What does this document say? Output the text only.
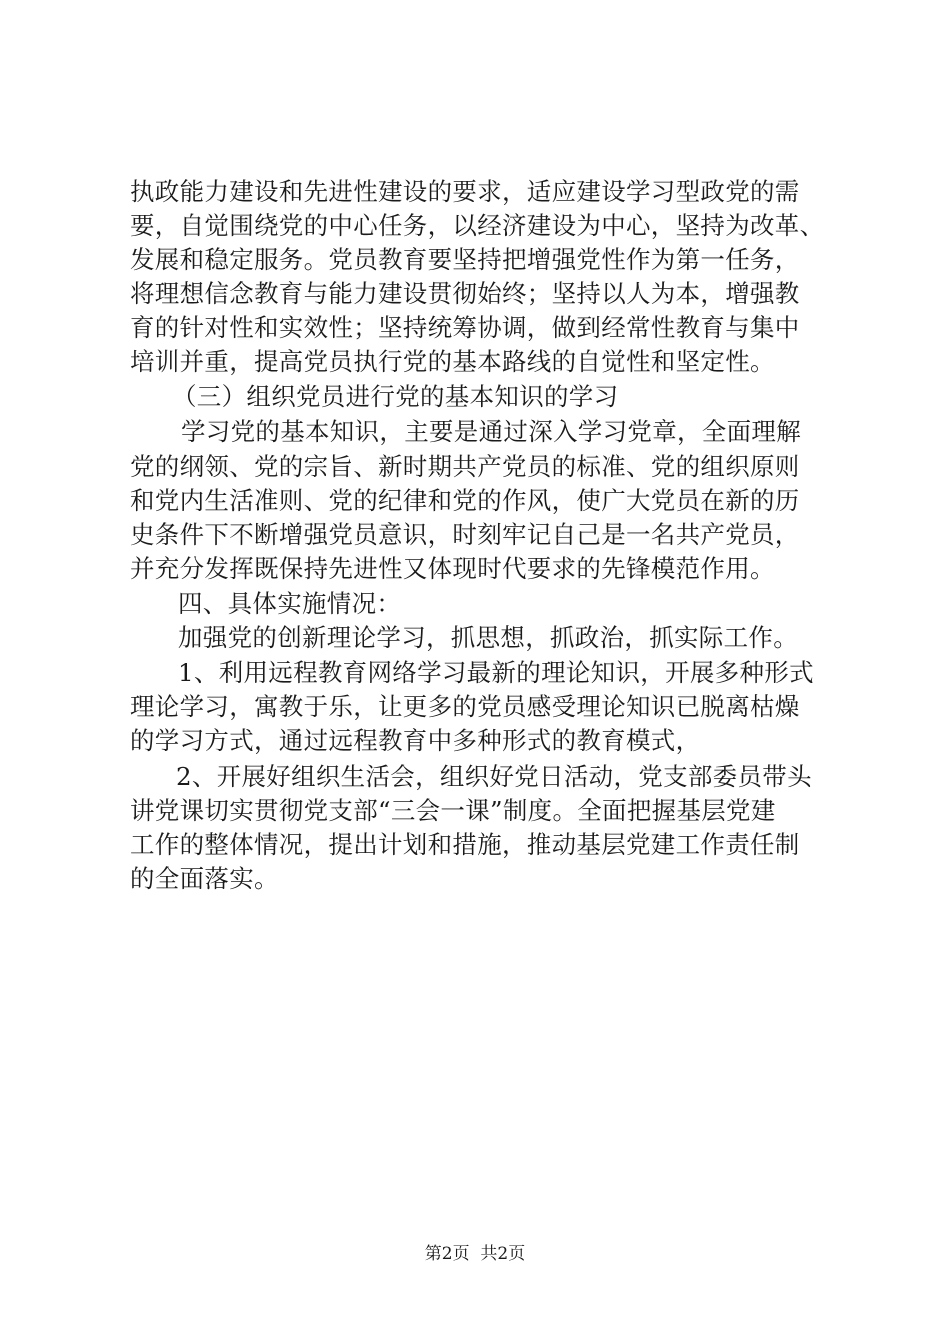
执政能力建设和先进性建设的要求，适应建设学习型政党的需
要，自觉围绕党的中心任务，以经济建设为中心，坚持为改革、
发展和稳定服务。党员教育要坚持把增强党性作为第一任务，
将理想信念教育与能力建设贯彻始终；坚持以人为本，增强教
育的针对性和实效性；坚持统筹协调，做到经常性教育与集中
培训并重，提高党员执行党的基本路线的自觉性和坚定性。
（三）组织党员进行党的基本知识的学习
学习党的基本知识，主要是通过深入学习党章，全面理解
党的纲领、党的宗旨、新时期共产党员的标准、党的组织原则
和党内生活准则、党的纪律和党的作风，使广大党员在新的历
史条件下不断增强党员意识，时刻牢记自己是一名共产党员，
并充分发挥既保持先进性又体现时代要求的先锋模范作用。
四、具体实施情况：
加强党的创新理论学习，抓思想，抓政治，抓实际工作。
1、利用远程教育网络学习最新的理论知识，开展多种形式
理论学习，寓教于乐，让更多的党员感受理论知识已脱离枯燥
的学习方式，通过远程教育中多种形式的教育模式，
2、开展好组织生活会，组织好党日活动，党支部委员带头
讲党课切实贯彻党支部“三会一课”制度。全面把握基层党建
工作的整体情况，提出计划和措施，推动基层党建工作责任制
的全面落实。
第2页  共2页
